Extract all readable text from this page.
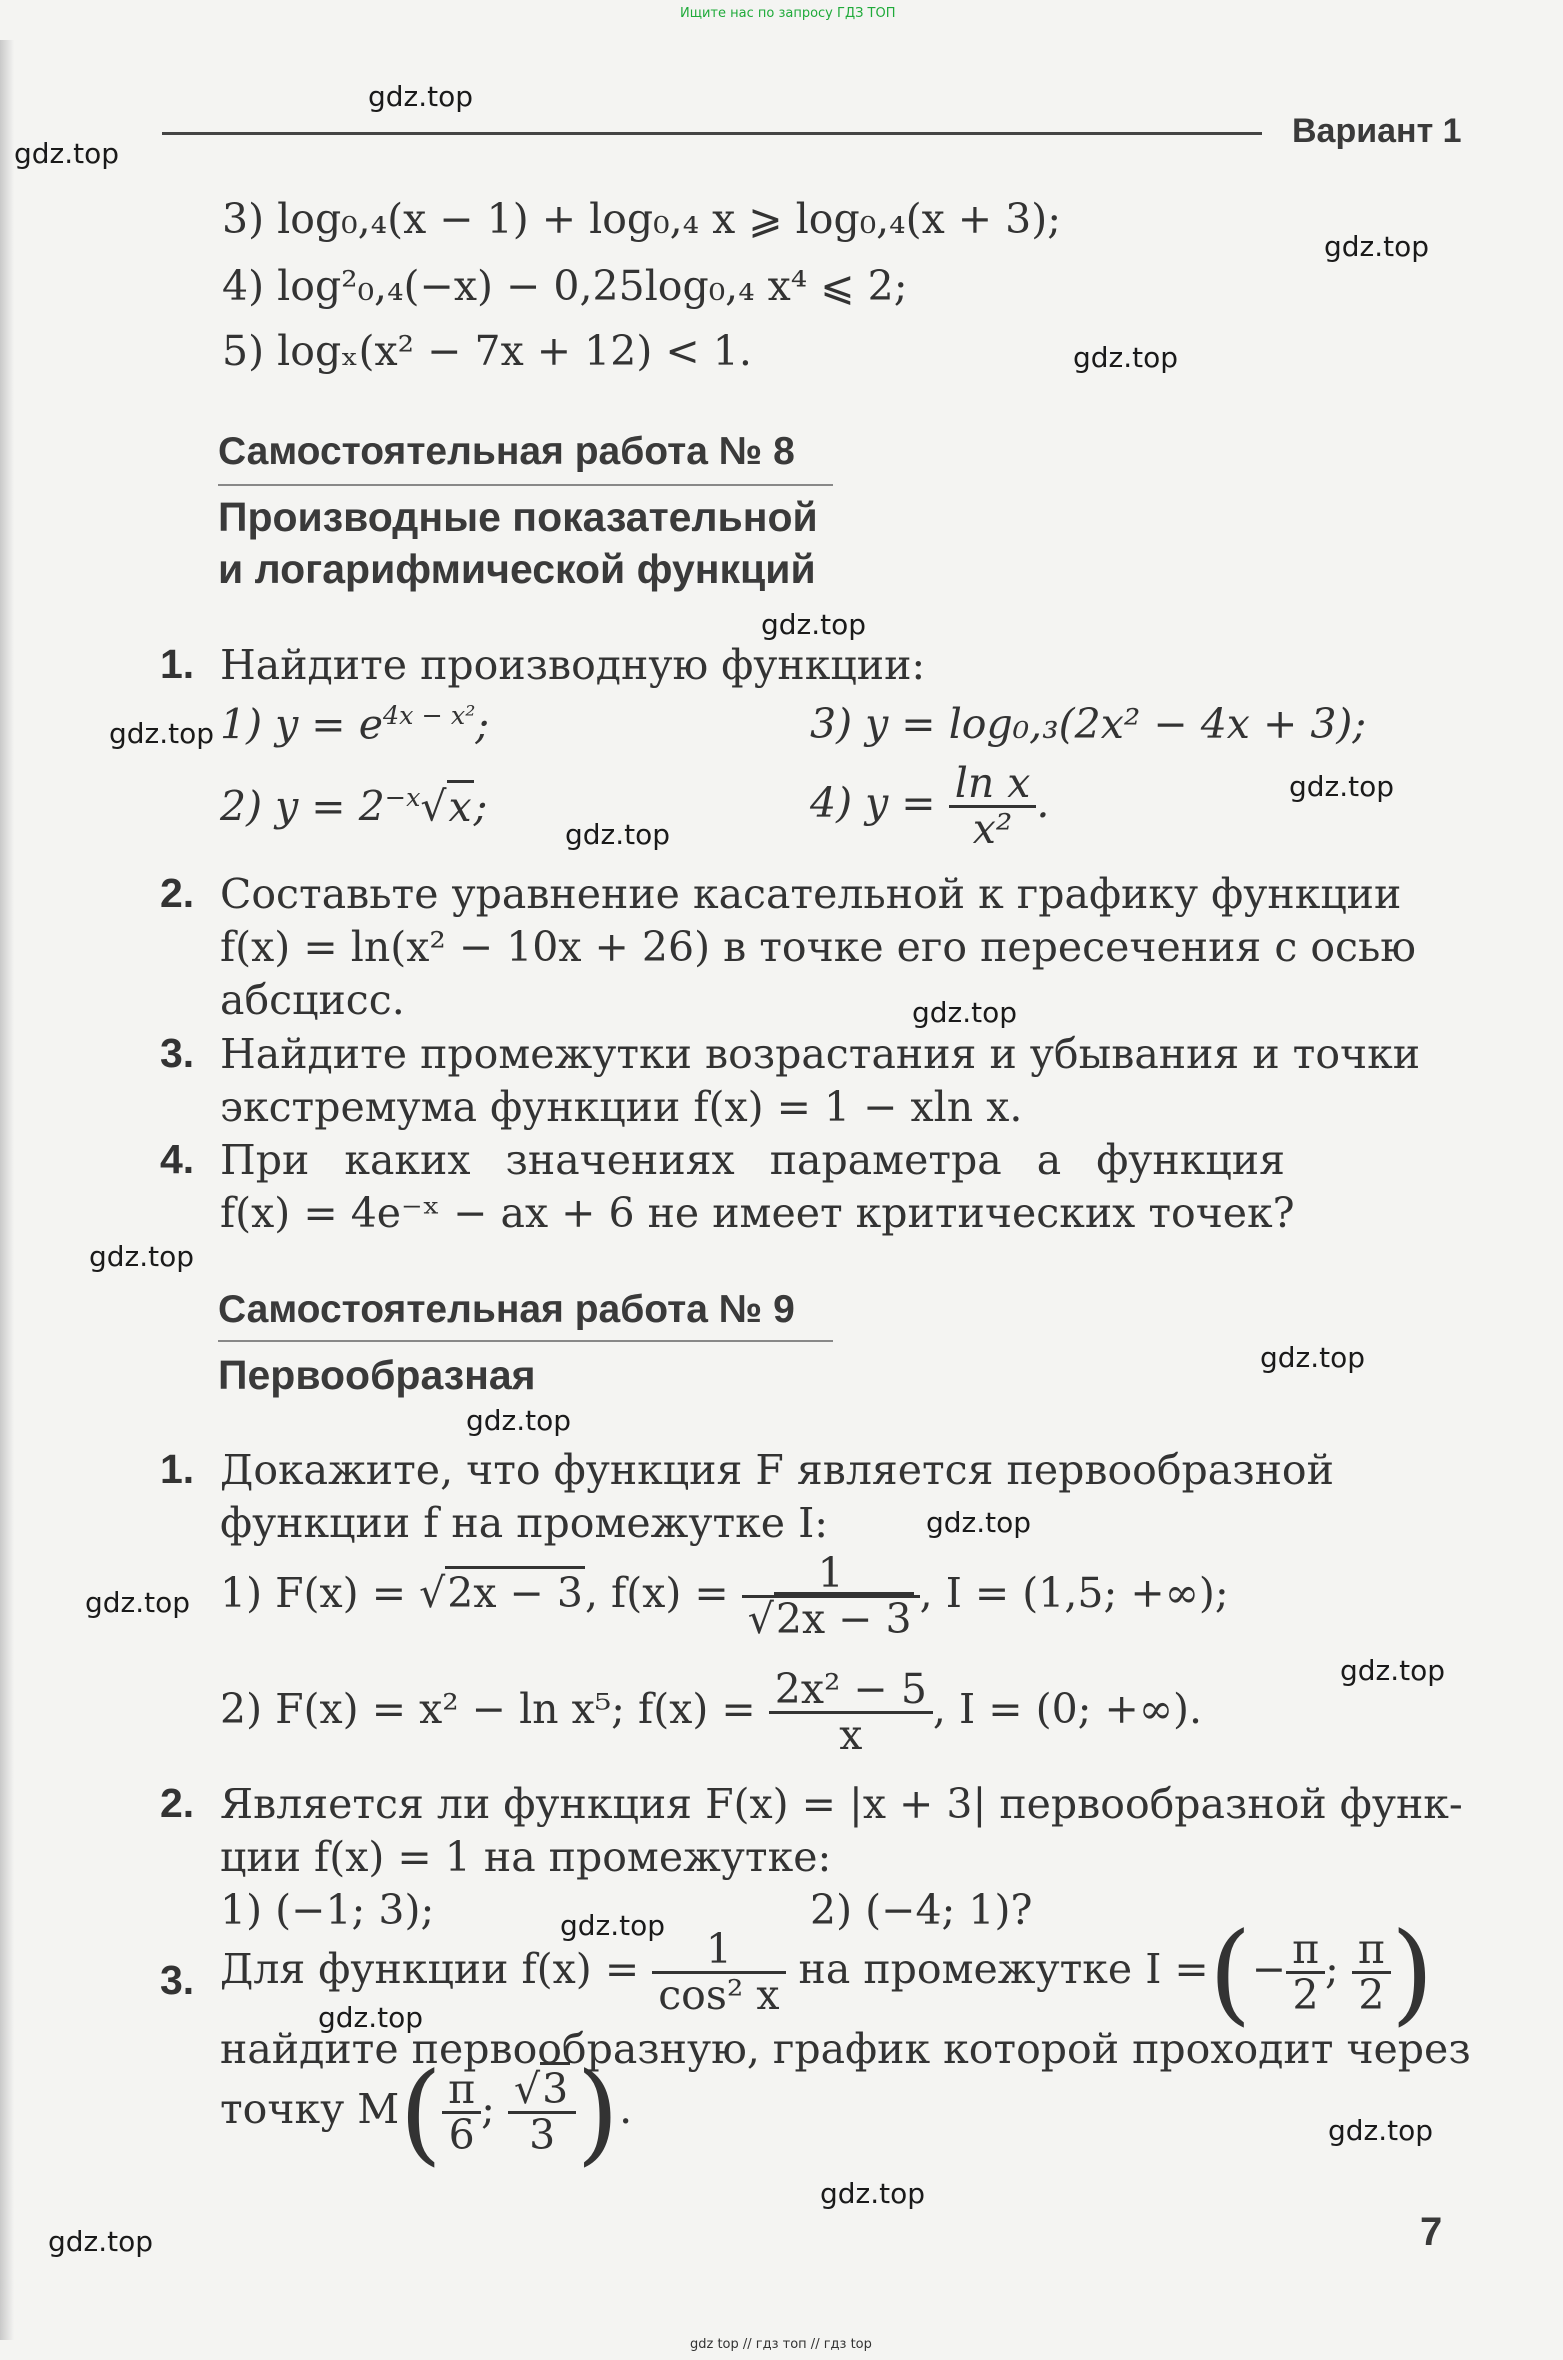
Ищите нас по запросу ГДЗ ТОП
gdz top // гдз топ // гдз top
Вариант 1
3) log₀,₄(x − 1) + log₀,₄ x ⩾ log₀,₄(x + 3);
4) log²₀,₄(−x) − 0,25log₀,₄ x⁴ ⩽ 2;
5) logₓ(x² − 7x + 12) < 1.
Самостоятельная работа № 8
Производные показательной
и логарифмической функций
1. Найдите производную функции:
1) $y = e^{4x - x^2}$;
2) $y = 2^{-x}√x$;
3) y = log₀,₃(2x² − 4x + 3);
4) $y = \frac{\text{ln x}}{\text{x²}}$ .
2. Составьте уравнение касательной к графику функции
f(x) = ln(x² − 10x + 26) в точке его пересечения с осью
абсцисс.
3. Найдите промежутки возрастания и убывания и точки
экстремума функции f(x) = 1 − xln x.
4. При каких значениях параметра a функция
f(x) = 4e⁻ˣ − ax + 6 не имеет критических точек?
Самостоятельная работа № 9
Первообразная
1. Докажите, что функция F является первообразной
функции f на промежутке I:
1) F(x) = √2x − 3, $f(x) = \frac{1}{√2x - 3}$ , I = (1,5; +∞);
2) F(x) = x² − ln x⁵; $f(x) = \frac{\text{2x² − 5}}{x}$ , I = (0; +∞).
2. Является ли функция F(x) = |x + 3| первообразной функ-
ции f(x) = 1 на промежутке:
1) (−1; 3);	2) (−4; 1)?
3. Для функции $f(x) = \frac{1}{\text{cos² x}}$ на промежутке I =(− $\frac{\pi}{2}$ ; $\frac{\pi}{2}$ )
найдите первообразную, график которой проходит через
точку $M( \frac{\pi}{6}$ ; $\frac{√3}{3}$ ).
7
gdz.top
gdz.top
gdz.top
gdz.top
gdz.top
gdz.top
gdz.top
gdz.top
gdz.top
gdz.top
gdz.top
gdz.top
gdz.top
gdz.top
gdz.top
gdz.top
gdz.top
gdz.top
gdz.top
gdz.top
